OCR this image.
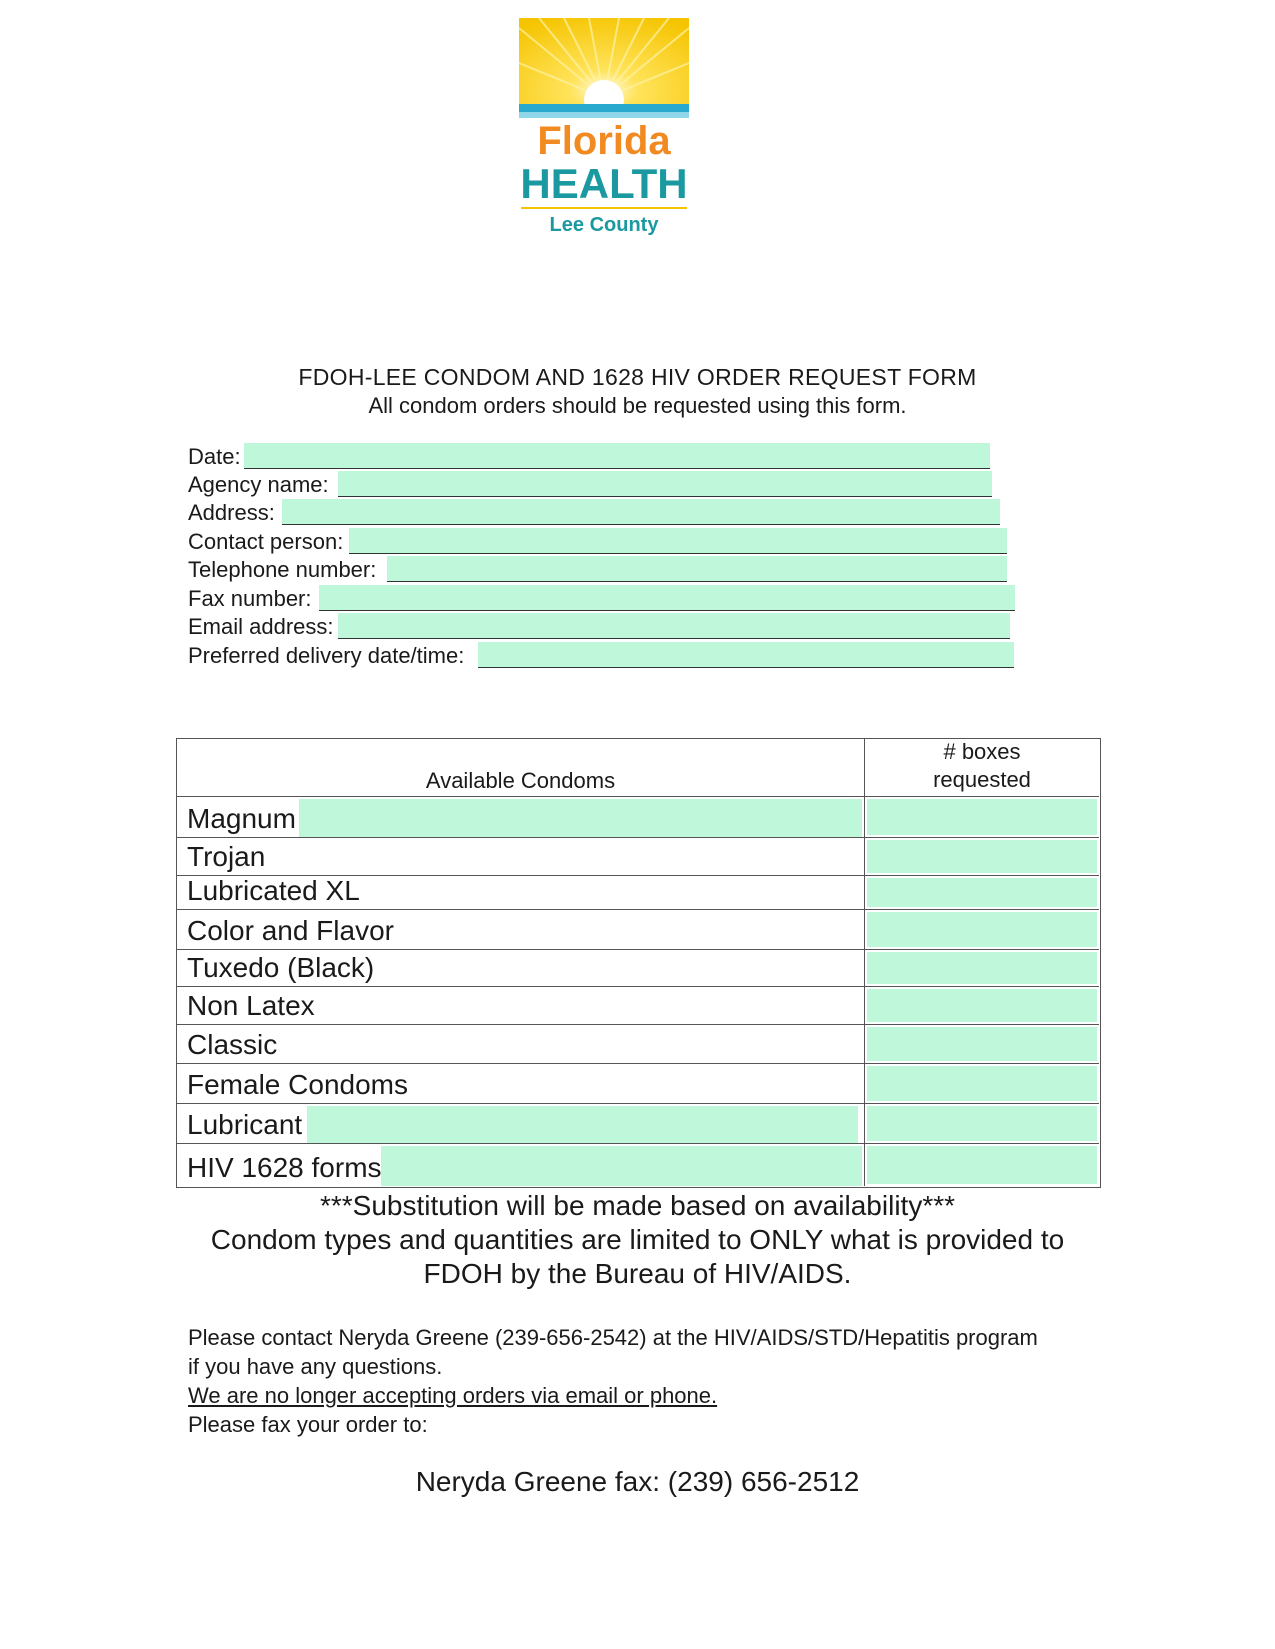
Florida
HEALTH
Lee County
FDOH-LEE CONDOM AND 1628 HIV ORDER REQUEST FORM
All condom orders should be requested using this form.
Date:
Agency name:
Address:
Contact person:
Telephone number:
Fax number:
Email address:
Preferred delivery date/time:
Available Condoms
# boxes requested
Magnum
Trojan
Lubricated XL
Color and Flavor
Tuxedo (Black)
Non Latex
Classic
Female Condoms
Lubricant
HIV 1628 forms
***Substitution will be made based on availability***
Condom types and quantities are limited to ONLY what is provided to
FDOH by the Bureau of HIV/AIDS.
Please contact Neryda Greene (239-656-2542) at the HIV/AIDS/STD/Hepatitis program
if you have any questions.
We are no longer accepting orders via email or phone.
Please fax your order to:
Neryda Greene fax: (239) 656-2512
